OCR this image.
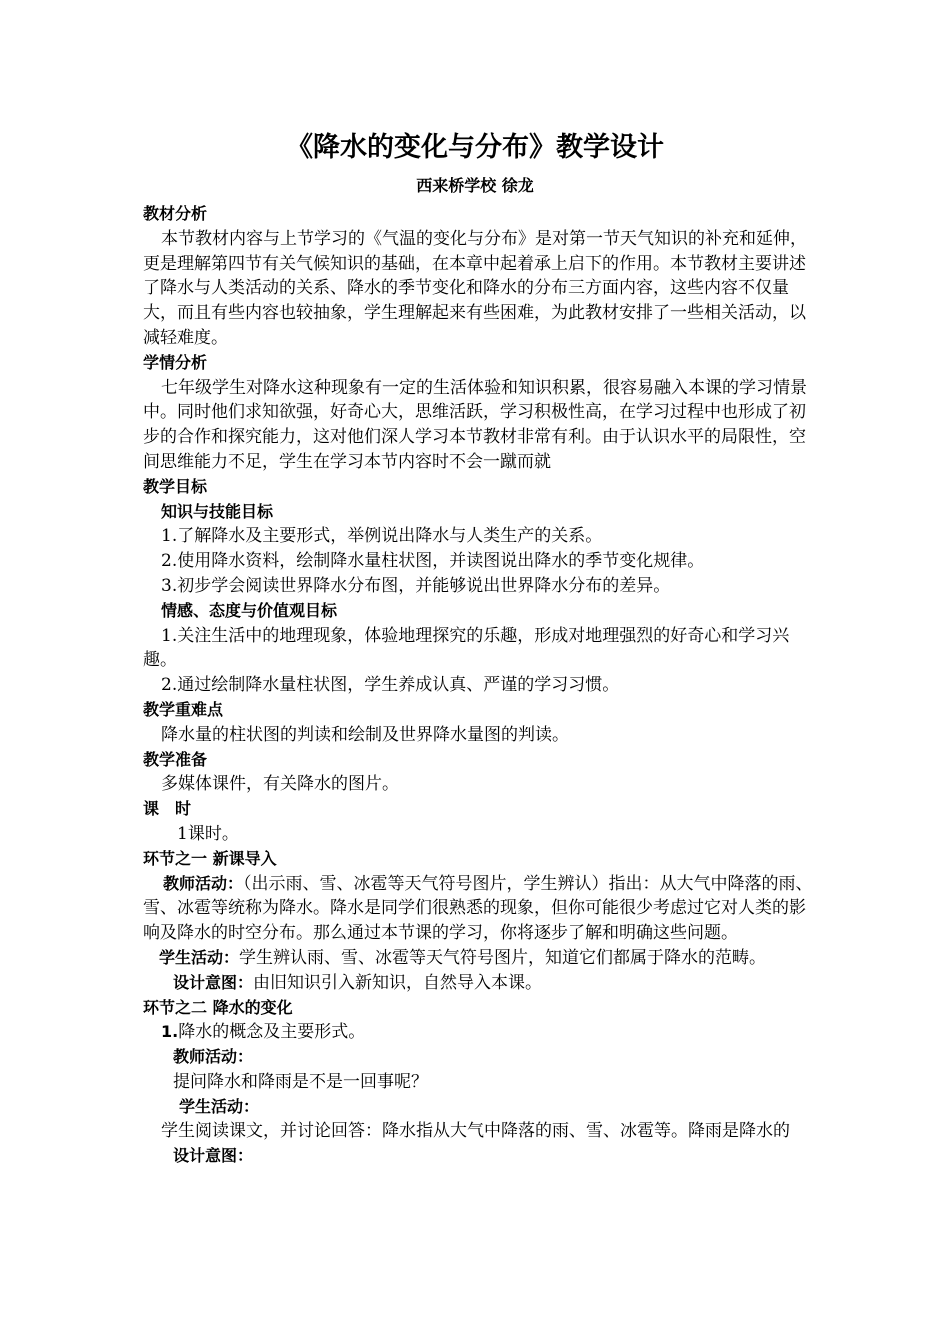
《降水的变化与分布》教学设计
西来桥学校 徐龙

教材分析

本节教材内容与上节学习的《气温的变化与分布》是对第一节天气知识的补充和延伸，更是理解第四节有关气候知识的基础，在本章中起着承上启下的作用。本节教材主要讲述了降水与人类活动的关系、降水的季节变化和降水的分布三方面内容，这些内容不仅量大，而且有些内容也较抽象，学生理解起来有些困难，为此教材安排了一些相关活动，以减轻难度。

学情分析

七年级学生对降水这种现象有一定的生活体验和知识积累，很容易融入本课的学习情景中。同时他们求知欲强，好奇心大，思维活跃，学习积极性高，在学习过程中也形成了初步的合作和探究能力，这对他们深人学习本节教材非常有利。由于认识水平的局限性，空间思维能力不足，学生在学习本节内容时不会一蹴而就

教学目标

知识与技能目标

1.了解降水及主要形式，举例说出降水与人类生产的关系。

2.使用降水资料，绘制降水量柱状图，并读图说出降水的季节变化规律。

3.初步学会阅读世界降水分布图，并能够说出世界降水分布的差异。

情感、态度与价值观目标

1.关注生活中的地理现象，体验地理探究的乐趣，形成对地理强烈的好奇心和学习兴趣。

2.通过绘制降水量柱状图，学生养成认真、严谨的学习习惯。

教学重难点

降水量的柱状图的判读和绘制及世界降水量图的判读。

教学准备

多媒体课件，有关降水的图片。

课　时

1课时。

环节之一 新课导入

教师活动：（出示雨、雪、冰雹等天气符号图片，学生辨认）指出：从大气中降落的雨、雪、冰雹等统称为降水。降水是同学们很熟悉的现象，但你可能很少考虑过它对人类的影响及降水的时空分布。那么通过本节课的学习，你将逐步了解和明确这些问题。

学生活动：学生辨认雨、雪、冰雹等天气符号图片，知道它们都属于降水的范畴。

设计意图：由旧知识引入新知识，自然导入本课。

环节之二 降水的变化

1.降水的概念及主要形式。

教师活动：

提问降水和降雨是不是一回事呢？

学生活动：

学生阅读课文，并讨论回答：降水指从大气中降落的雨、雪、冰雹等。降雨是降水的

设计意图：
